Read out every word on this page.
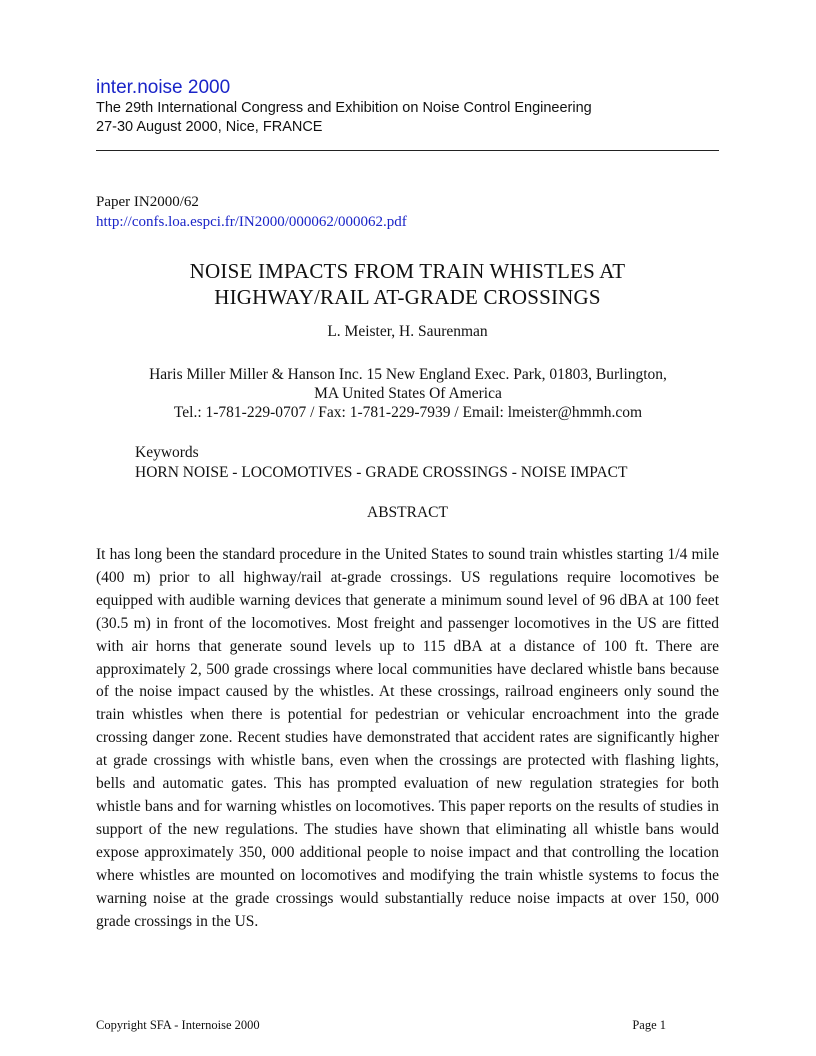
inter.noise 2000
The 29th International Congress and Exhibition on Noise Control Engineering
27-30 August 2000, Nice, FRANCE
Paper IN2000/62
http://confs.loa.espci.fr/IN2000/000062/000062.pdf
NOISE IMPACTS FROM TRAIN WHISTLES AT
HIGHWAY/RAIL AT-GRADE CROSSINGS
L. Meister, H. Saurenman
Haris Miller Miller & Hanson Inc. 15 New England Exec. Park, 01803, Burlington,
MA United States Of America
Tel.: 1-781-229-0707 / Fax: 1-781-229-7939 / Email: lmeister@hmmh.com
Keywords
HORN NOISE - LOCOMOTIVES - GRADE CROSSINGS - NOISE IMPACT
ABSTRACT

It has long been the standard procedure in the United States to sound train whistles starting 1/4 mile (400 m) prior to all highway/rail at-grade crossings. US regulations require locomotives be equipped with audible warning devices that generate a minimum sound level of 96 dBA at 100 feet (30.5 m) in front of the locomotives. Most freight and passenger locomotives in the US are fitted with air horns that generate sound levels up to 115 dBA at a distance of 100 ft. There are approximately 2, 500 grade crossings where local communities have declared whistle bans because of the noise impact caused by the whistles. At these crossings, railroad engineers only sound the train whistles when there is potential for pedestrian or vehicular encroachment into the grade crossing danger zone. Recent studies have demonstrated that accident rates are significantly higher at grade crossings with whistle bans, even when the crossings are protected with flashing lights, bells and automatic gates. This has prompted evaluation of new regulation strategies for both whistle bans and for warning whistles on locomotives. This paper reports on the results of studies in support of the new regulations. The studies have shown that eliminating all whistle bans would expose approximately 350, 000 additional people to noise impact and that controlling the location where whistles are mounted on locomotives and modifying the train whistle systems to focus the warning noise at the grade crossings would substantially reduce noise impacts at over 150, 000 grade crossings in the US.

Copyright SFA - Internoise 2000	Page 1
